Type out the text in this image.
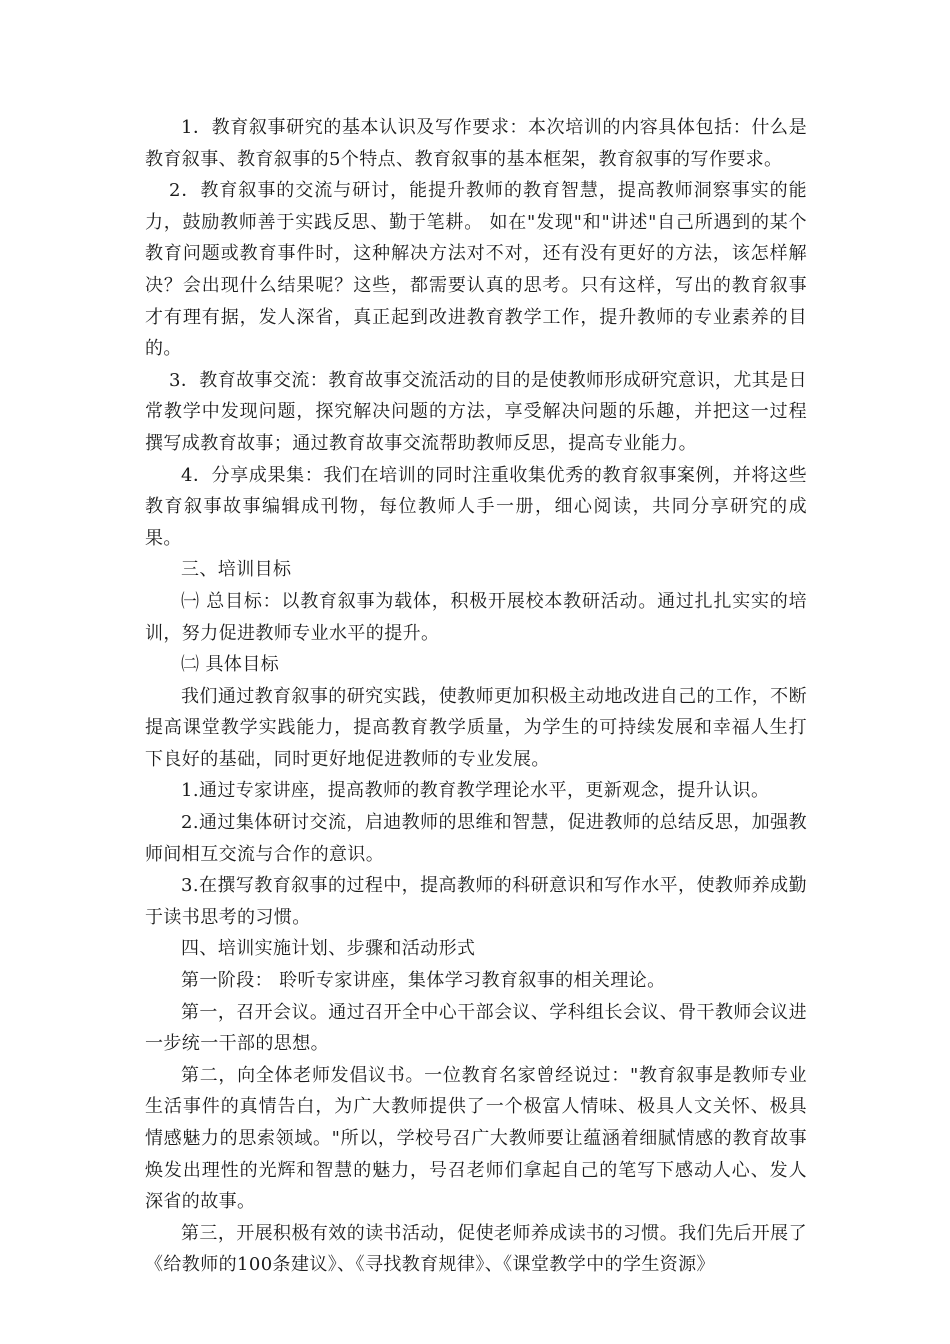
1．教育叙事研究的基本认识及写作要求：本次培训的内容具体包括：什么是教育叙事、教育叙事的5个特点、教育叙事的基本框架，教育叙事的写作要求。

2．教育叙事的交流与研讨，能提升教师的教育智慧，提高教师洞察事实的能力，鼓励教师善于实践反思、勤于笔耕。 如在"发现"和"讲述"自己所遇到的某个教育问题或教育事件时，这种解决方法对不对，还有没有更好的方法，该怎样解决？会出现什么结果呢？这些，都需要认真的思考。只有这样，写出的教育叙事才有理有据，发人深省，真正起到改进教育教学工作，提升教师的专业素养的目的。

3．教育故事交流：教育故事交流活动的目的是使教师形成研究意识，尤其是日常教学中发现问题，探究解决问题的方法，享受解决问题的乐趣，并把这一过程撰写成教育故事；通过教育故事交流帮助教师反思，提高专业能力。

4．分享成果集：我们在培训的同时注重收集优秀的教育叙事案例，并将这些教育叙事故事编辑成刊物，每位教师人手一册，细心阅读，共同分享研究的成果。

三、培训目标

㈠ 总目标：以教育叙事为载体，积极开展校本教研活动。通过扎扎实实的培训，努力促进教师专业水平的提升。

㈡ 具体目标

我们通过教育叙事的研究实践，使教师更加积极主动地改进自己的工作，不断提高课堂教学实践能力，提高教育教学质量，为学生的可持续发展和幸福人生打下良好的基础，同时更好地促进教师的专业发展。

1.通过专家讲座，提高教师的教育教学理论水平，更新观念，提升认识。

2.通过集体研讨交流，启迪教师的思维和智慧，促进教师的总结反思，加强教师间相互交流与合作的意识。

3.在撰写教育叙事的过程中，提高教师的科研意识和写作水平，使教师养成勤于读书思考的习惯。

四、培训实施计划、步骤和活动形式

第一阶段： 聆听专家讲座，集体学习教育叙事的相关理论。

第一，召开会议。通过召开全中心干部会议、学科组长会议、骨干教师会议进一步统一干部的思想。

第二，向全体老师发倡议书。一位教育名家曾经说过："教育叙事是教师专业生活事件的真情告白，为广大教师提供了一个极富人情味、极具人文关怀、极具情感魅力的思索领域。"所以，学校号召广大教师要让蕴涵着细腻情感的教育故事焕发出理性的光辉和智慧的魅力，号召老师们拿起自己的笔写下感动人心、发人深省的故事。

第三，开展积极有效的读书活动，促使老师养成读书的习惯。我们先后开展了《给教师的100条建议》、《寻找教育规律》、《课堂教学中的学生资源》
